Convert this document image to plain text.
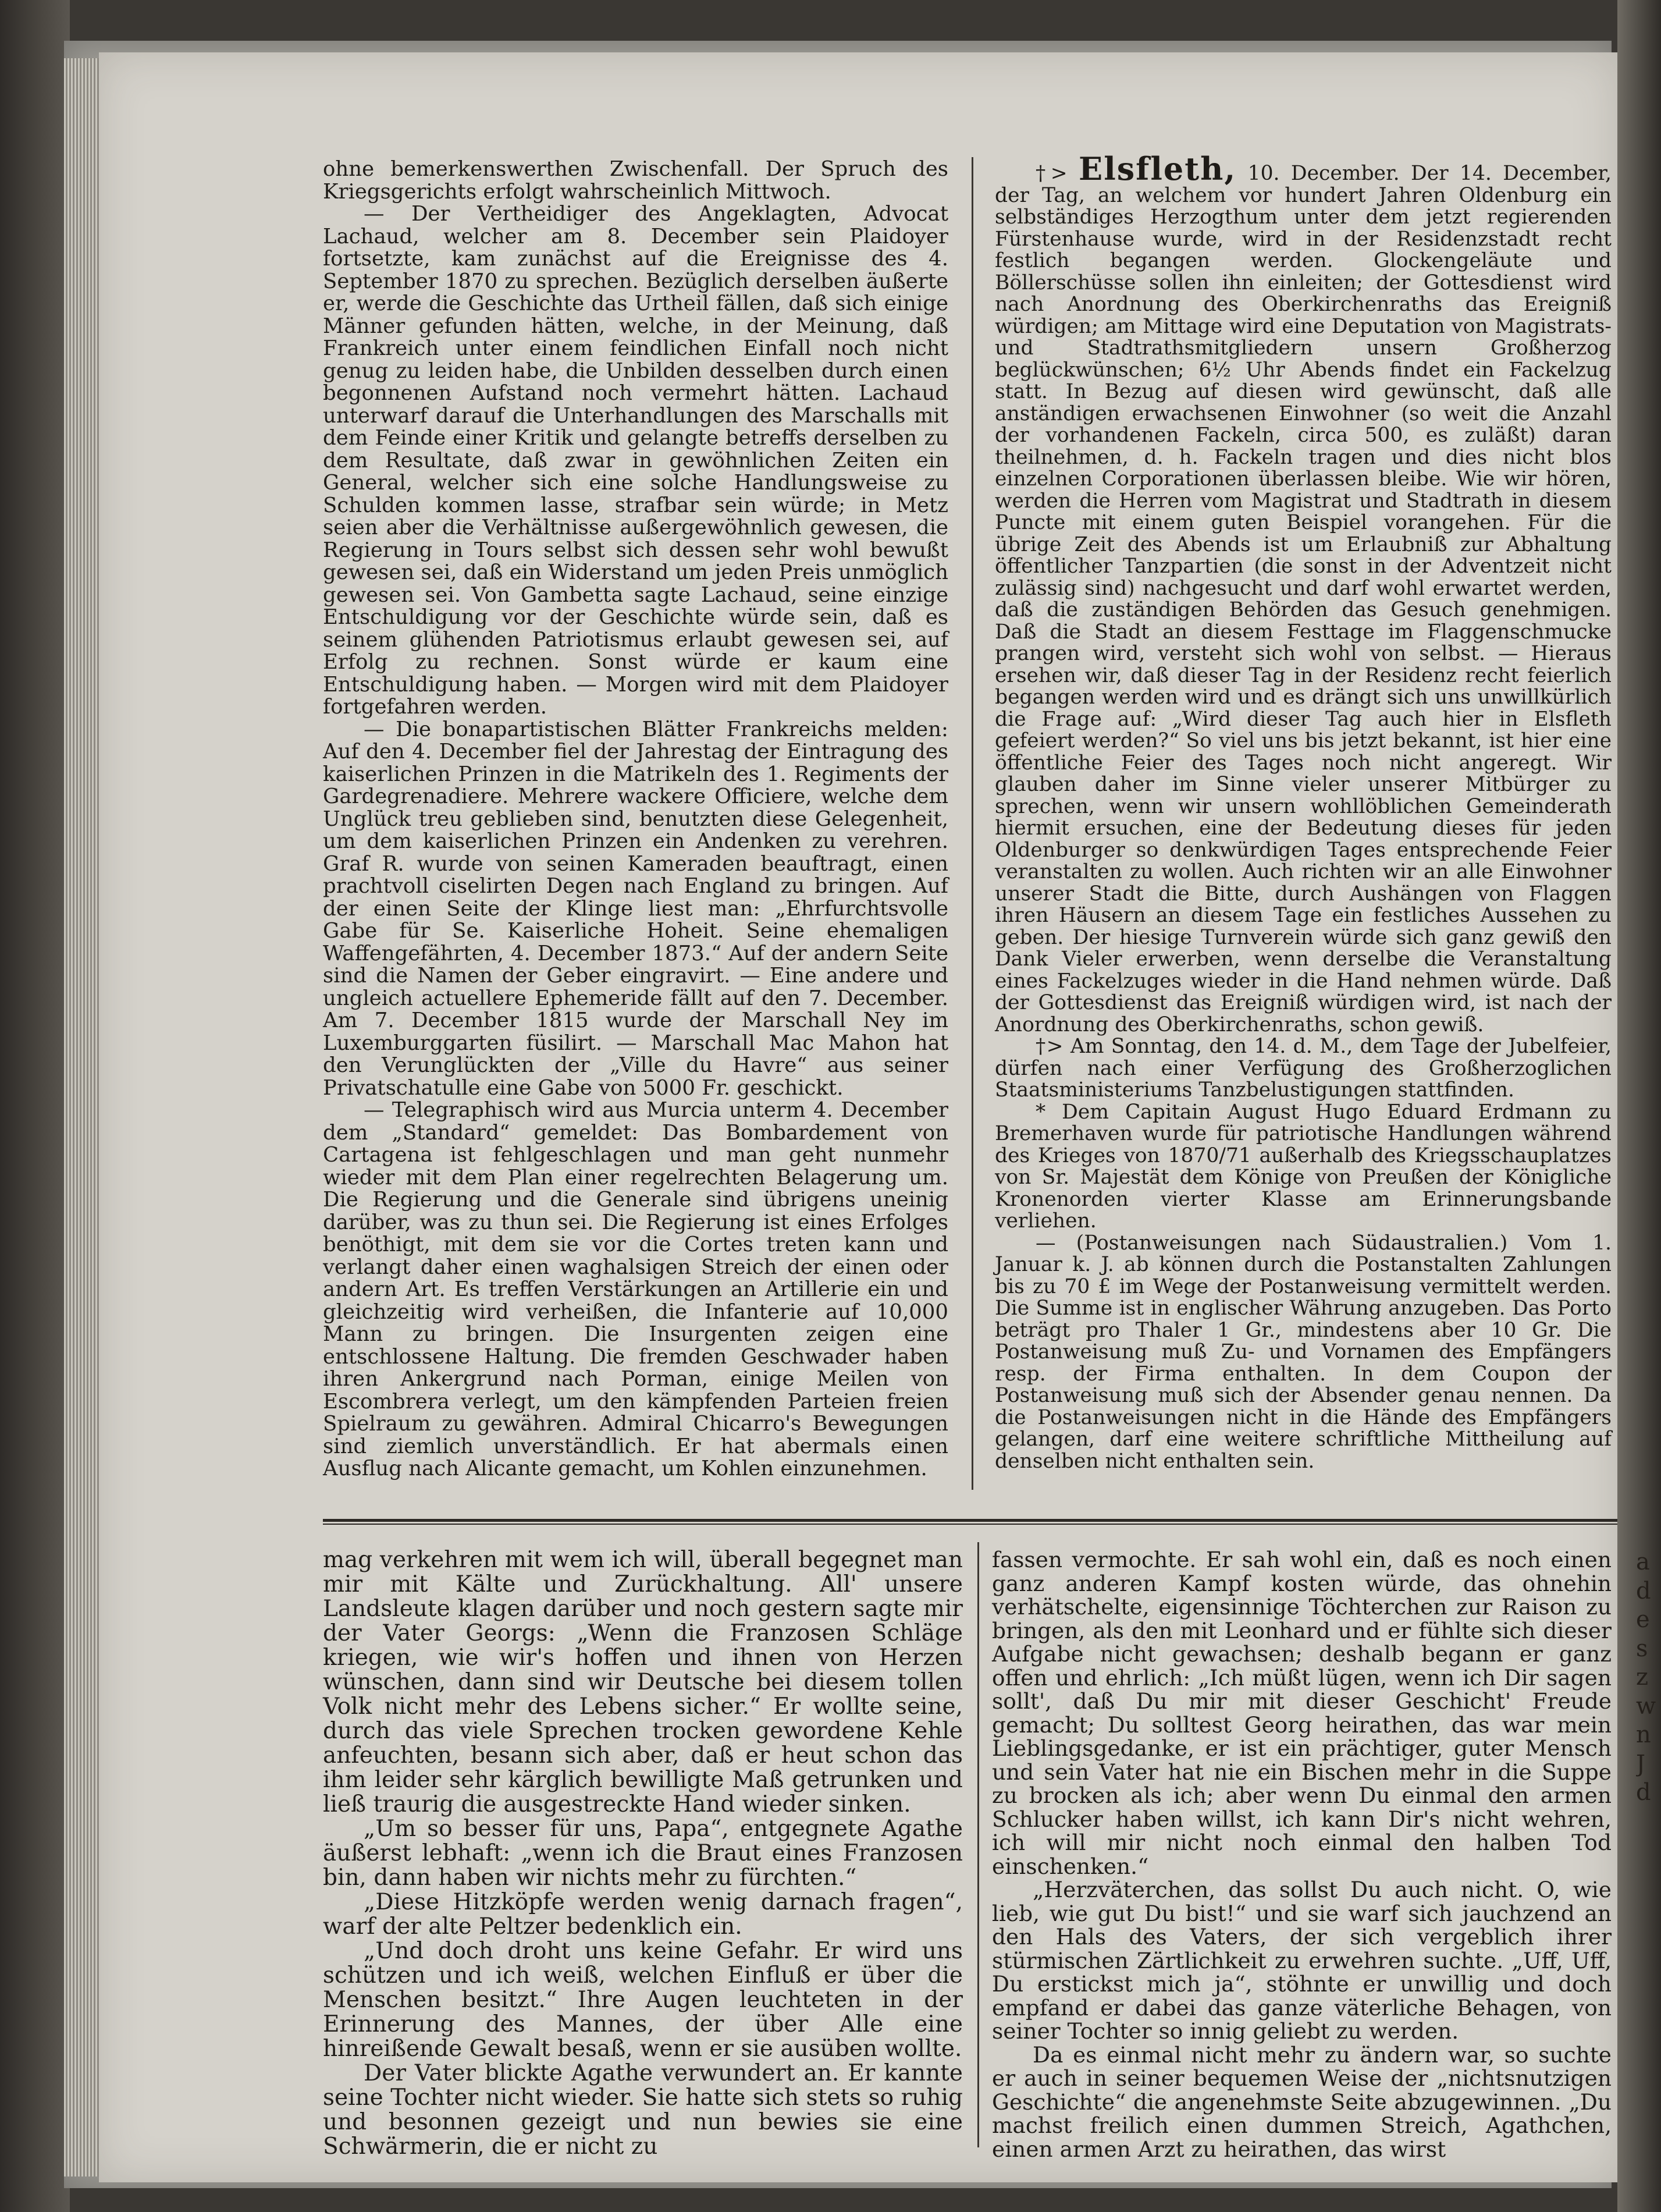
ohne bemerkenswerthen Zwischenfall. Der Spruch des Kriegsgerichts erfolgt wahrscheinlich Mittwoch.

— Der Vertheidiger des Angeklagten, Advocat Lachaud, welcher am 8. December sein Plaidoyer fortsetzte, kam zunächst auf die Ereignisse des 4. September 1870 zu sprechen. Bezüglich derselben äußerte er, werde die Geschichte das Urtheil fällen, daß sich einige Männer gefunden hätten, welche, in der Meinung, daß Frankreich unter einem feindlichen Einfall noch nicht genug zu leiden habe, die Unbilden desselben durch einen begonnenen Aufstand noch vermehrt hätten. Lachaud unterwarf darauf die Unterhandlungen des Marschalls mit dem Feinde einer Kritik und gelangte betreffs derselben zu dem Resultate, daß zwar in gewöhnlichen Zeiten ein General, welcher sich eine solche Handlungsweise zu Schulden kommen lasse, strafbar sein würde; in Metz seien aber die Verhältnisse außergewöhnlich gewesen, die Regierung in Tours selbst sich dessen sehr wohl bewußt gewesen sei, daß ein Widerstand um jeden Preis unmöglich gewesen sei. Von Gambetta sagte Lachaud, seine einzige Entschuldigung vor der Geschichte würde sein, daß es seinem glühenden Patriotismus erlaubt gewesen sei, auf Erfolg zu rechnen. Sonst würde er kaum eine Entschuldigung haben. — Morgen wird mit dem Plaidoyer fortgefahren werden.

— Die bonapartistischen Blätter Frankreichs melden: Auf den 4. December fiel der Jahrestag der Eintragung des kaiserlichen Prinzen in die Matrikeln des 1. Regiments der Gardegrenadiere. Mehrere wackere Officiere, welche dem Unglück treu geblieben sind, benutzten diese Gelegenheit, um dem kaiserlichen Prinzen ein Andenken zu verehren. Graf R. wurde von seinen Kameraden beauftragt, einen prachtvoll ciselirten Degen nach England zu bringen. Auf der einen Seite der Klinge liest man: „Ehrfurchtsvolle Gabe für Se. Kaiserliche Hoheit. Seine ehemaligen Waffengefährten, 4. December 1873.“ Auf der andern Seite sind die Namen der Geber eingravirt. — Eine andere und ungleich actuellere Ephemeride fällt auf den 7. December. Am 7. December 1815 wurde der Marschall Ney im Luxemburggarten füsilirt. — Marschall Mac Mahon hat den Verunglückten der „Ville du Havre“ aus seiner Privatschatulle eine Gabe von 5000 Fr. geschickt.

— Telegraphisch wird aus Murcia unterm 4. December dem „Standard“ gemeldet: Das Bombardement von Cartagena ist fehlgeschlagen und man geht nunmehr wieder mit dem Plan einer regelrechten Belagerung um. Die Regierung und die Generale sind übrigens uneinig darüber, was zu thun sei. Die Regierung ist eines Erfolges benöthigt, mit dem sie vor die Cortes treten kann und verlangt daher einen waghalsigen Streich der einen oder andern Art. Es treffen Verstärkungen an Artillerie ein und gleichzeitig wird verheißen, die Infanterie auf 10,000 Mann zu bringen. Die Insurgenten zeigen eine entschlossene Haltung. Die fremden Geschwader haben ihren Ankergrund nach Porman, einige Meilen von Escombrera verlegt, um den kämpfenden Parteien freien Spielraum zu gewähren. Admiral Chicarro's Bewegungen sind ziemlich unverständlich. Er hat abermals einen Ausflug nach Alicante gemacht, um Kohlen einzunehmen.

†> Elsfleth, 10. December. Der 14. December, der Tag, an welchem vor hundert Jahren Oldenburg ein selbständiges Herzogthum unter dem jetzt regierenden Fürstenhause wurde, wird in der Residenzstadt recht festlich begangen werden. Glockengeläute und Böllerschüsse sollen ihn einleiten; der Gottesdienst wird nach Anordnung des Oberkirchenraths das Ereigniß würdigen; am Mittage wird eine Deputation von Magistrats- und Stadtrathsmitgliedern unsern Großherzog beglückwünschen; 6½ Uhr Abends findet ein Fackelzug statt. In Bezug auf diesen wird gewünscht, daß alle anständigen erwachsenen Einwohner (so weit die Anzahl der vorhandenen Fackeln, circa 500, es zuläßt) daran theilnehmen, d. h. Fackeln tragen und dies nicht blos einzelnen Corporationen überlassen bleibe. Wie wir hören, werden die Herren vom Magistrat und Stadtrath in diesem Puncte mit einem guten Beispiel vorangehen. Für die übrige Zeit des Abends ist um Erlaubniß zur Abhaltung öffentlicher Tanzpartien (die sonst in der Adventzeit nicht zulässig sind) nachgesucht und darf wohl erwartet werden, daß die zuständigen Behörden das Gesuch genehmigen. Daß die Stadt an diesem Festtage im Flaggenschmucke prangen wird, versteht sich wohl von selbst. — Hieraus ersehen wir, daß dieser Tag in der Residenz recht feierlich begangen werden wird und es drängt sich uns unwillkürlich die Frage auf: „Wird dieser Tag auch hier in Elsfleth gefeiert werden?“ So viel uns bis jetzt bekannt, ist hier eine öffentliche Feier des Tages noch nicht angeregt. Wir glauben daher im Sinne vieler unserer Mitbürger zu sprechen, wenn wir unsern wohllöblichen Gemeinderath hiermit ersuchen, eine der Bedeutung dieses für jeden Oldenburger so denkwürdigen Tages entsprechende Feier veranstalten zu wollen. Auch richten wir an alle Einwohner unserer Stadt die Bitte, durch Aushängen von Flaggen ihren Häusern an diesem Tage ein festliches Aussehen zu geben. Der hiesige Turnverein würde sich ganz gewiß den Dank Vieler erwerben, wenn derselbe die Veranstaltung eines Fackelzuges wieder in die Hand nehmen würde. Daß der Gottesdienst das Ereigniß würdigen wird, ist nach der Anordnung des Oberkirchenraths, schon gewiß.

†> Am Sonntag, den 14. d. M., dem Tage der Jubelfeier, dürfen nach einer Verfügung des Großherzoglichen Staatsministeriums Tanzbelustigungen stattfinden.

* Dem Capitain August Hugo Eduard Erdmann zu Bremerhaven wurde für patriotische Handlungen während des Krieges von 1870/71 außerhalb des Kriegsschauplatzes von Sr. Majestät dem Könige von Preußen der Königliche Kronenorden vierter Klasse am Erinnerungsbande verliehen.

— (Postanweisungen nach Südaustralien.) Vom 1. Januar k. J. ab können durch die Postanstalten Zahlungen bis zu 70 £ im Wege der Postanweisung vermittelt werden. Die Summe ist in englischer Währung anzugeben. Das Porto beträgt pro Thaler 1 Gr., mindestens aber 10 Gr. Die Postanweisung muß Zu- und Vornamen des Empfängers resp. der Firma enthalten. In dem Coupon der Postanweisung muß sich der Absender genau nennen. Da die Postanweisungen nicht in die Hände des Empfängers gelangen, darf eine weitere schriftliche Mittheilung auf denselben nicht enthalten sein.

mag verkehren mit wem ich will, überall begegnet man mir mit Kälte und Zurückhaltung. All' unsere Landsleute klagen darüber und noch gestern sagte mir der Vater Georgs: „Wenn die Franzosen Schläge kriegen, wie wir's hoffen und ihnen von Herzen wünschen, dann sind wir Deutsche bei diesem tollen Volk nicht mehr des Lebens sicher.“ Er wollte seine, durch das viele Sprechen trocken gewordene Kehle anfeuchten, besann sich aber, daß er heut schon das ihm leider sehr kärglich bewilligte Maß getrunken und ließ traurig die ausgestreckte Hand wieder sinken.

„Um so besser für uns, Papa“, entgegnete Agathe äußerst lebhaft: „wenn ich die Braut eines Franzosen bin, dann haben wir nichts mehr zu fürchten.“

„Diese Hitzköpfe werden wenig darnach fragen“, warf der alte Peltzer bedenklich ein.

„Und doch droht uns keine Gefahr. Er wird uns schützen und ich weiß, welchen Einfluß er über die Menschen besitzt.“ Ihre Augen leuchteten in der Erinnerung des Mannes, der über Alle eine hinreißende Gewalt besaß, wenn er sie ausüben wollte.

Der Vater blickte Agathe verwundert an. Er kannte seine Tochter nicht wieder. Sie hatte sich stets so ruhig und besonnen gezeigt und nun bewies sie eine Schwärmerin, die er nicht zu

fassen vermochte. Er sah wohl ein, daß es noch einen ganz anderen Kampf kosten würde, das ohnehin verhätschelte, eigensinnige Töchterchen zur Raison zu bringen, als den mit Leonhard und er fühlte sich dieser Aufgabe nicht gewachsen; deshalb begann er ganz offen und ehrlich: „Ich müßt lügen, wenn ich Dir sagen sollt', daß Du mir mit dieser Geschicht' Freude gemacht; Du solltest Georg heirathen, das war mein Lieblingsgedanke, er ist ein prächtiger, guter Mensch und sein Vater hat nie ein Bischen mehr in die Suppe zu brocken als ich; aber wenn Du einmal den armen Schlucker haben willst, ich kann Dir's nicht wehren, ich will mir nicht noch einmal den halben Tod einschenken.“

„Herzväterchen, das sollst Du auch nicht. O, wie lieb, wie gut Du bist!“ und sie warf sich jauchzend an den Hals des Vaters, der sich vergeblich ihrer stürmischen Zärtlichkeit zu erwehren suchte. „Uff, Uff, Du erstickst mich ja“, stöhnte er unwillig und doch empfand er dabei das ganze väterliche Behagen, von seiner Tochter so innig geliebt zu werden.

Da es einmal nicht mehr zu ändern war, so suchte er auch in seiner bequemen Weise der „nichtsnutzigen Geschichte“ die angenehmste Seite abzugewinnen. „Du machst freilich einen dummen Streich, Agathchen, einen armen Arzt zu heirathen, das wirst

a
d
e
s
z
w
n
J
d
